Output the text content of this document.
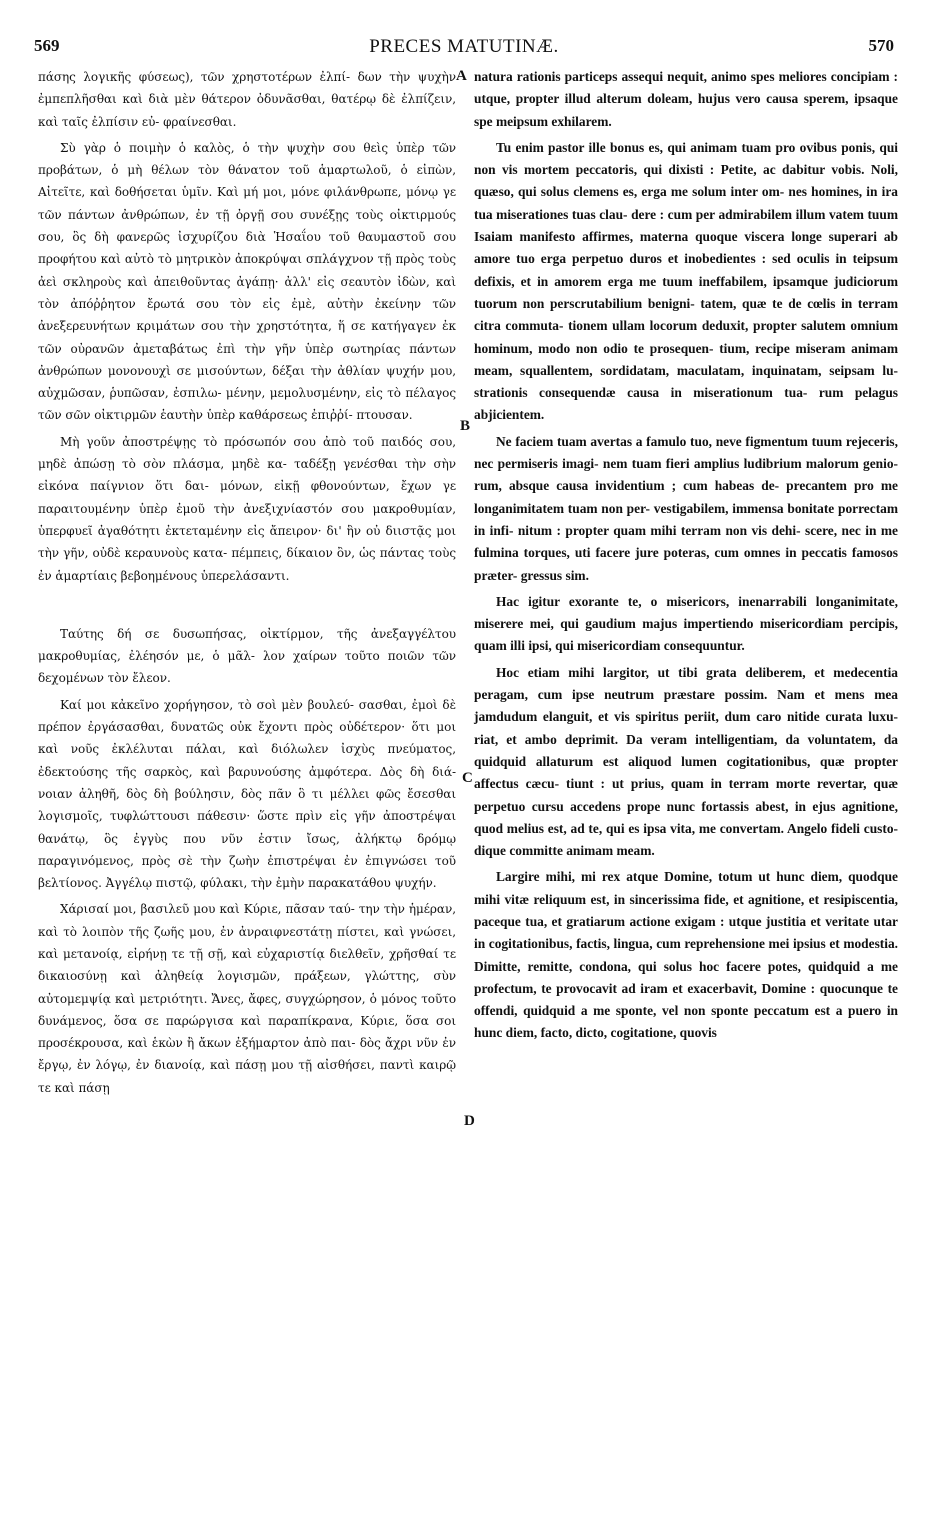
569	PRECES MATUTINÆ.	570

πάσης λογικῆς φύσεως), τῶν χρηστοτέρων ἐλπί- δων τὴν ψυχὴν ἐμπεπλῆσθαι καὶ διὰ μὲν θάτερον ὀδυνᾶσθαι, θατέρῳ δὲ ἐλπίζειν, καὶ ταῖς ἐλπίσιν εὐ- φραίνεσθαι.

Σὺ γὰρ ὁ ποιμὴν ὁ καλὸς, ὁ τὴν ψυχὴν σου θεὶς ὑπὲρ τῶν προβάτων, ὁ μὴ θέλων τὸν θάνατον τοῦ ἁμαρτωλοῦ, ὁ εἰπὼν, Αἰτεῖτε, καὶ δοθήσεται ὑμῖν. Καὶ μή μοι, μόνε φιλάνθρωπε, μόνῳ γε τῶν πάντων ἀνθρώπων, ἐν τῇ ὀργῇ σου συνέξῃς τοὺς οἰκτιρμούς σου, ὃς δὴ φανερῶς ἰσχυρίζου διὰ Ἡσαΐου τοῦ θαυμαστοῦ σου προφήτου καὶ αὐτὸ τὸ μητρικὸν ἀποκρύψαι σπλάγχνον τῇ πρὸς τοὺς ἀεὶ σκληροὺς καὶ ἀπειθοῦντας ἀγάπῃ· ἀλλ' εἰς σεαυτὸν ἰδὼν, καὶ τὸν ἀπόῤῥητον ἔρωτά σου τὸν εἰς ἐμὲ, αὐτὴν ἐκείνην τῶν ἀνεξερευνήτων κριμάτων σου τὴν χρηστότητα, ἥ σε κατήγαγεν ἐκ τῶν οὐρανῶν ἀμεταβάτως ἐπὶ τὴν γῆν ὑπὲρ σωτηρίας πάντων ἀνθρώπων μονονουχὶ σε μισούντων, δέξαι τὴν ἀθλίαν ψυχήν μου, αὐχμῶσαν, ῥυπῶσαν, ἐσπιλω- μένην, μεμολυσμένην, εἰς τὸ πέλαγος τῶν σῶν οἰκτιρμῶν ἑαυτὴν ὑπὲρ καθάρσεως ἐπιῤῥί- πτουσαν.

Μὴ γοῦν ἀποστρέψῃς τὸ πρόσωπόν σου ἀπὸ τοῦ παιδός σου, μηδὲ ἀπώσῃ τὸ σὸν πλάσμα, μηδὲ κα- ταδέξῃ γενέσθαι τὴν σὴν εἰκόνα παίγνιον ὅτι δαι- μόνων, εἰκῇ φθονούντων, ἔχων γε παραιτουμένην ὑπὲρ ἐμοῦ τὴν ἀνεξιχνίαστόν σου μακροθυμίαν, ὑπερφυεῖ ἀγαθότητι ἐκτεταμένην εἰς ἄπειρον· δι' ἣν οὐ διιστᾷς μοι τὴν γῆν, οὐδὲ κεραυνοὺς κατα- πέμπεις, δίκαιον ὂν, ὡς πάντας τοὺς ἐν ἁμαρτίαις βεβοημένους ὑπερελάσαντι.

Ταύτης δή σε δυσωπήσας, οἰκτίρμον, τῆς ἀνεξαγγέλτου μακροθυμίας, ἐλέησόν με, ὁ μᾶλ- λον χαίρων τοῦτο ποιῶν τῶν δεχομένων τὸν ἔλεον.

Καί μοι κἀκεῖνο χορήγησον, τὸ σοὶ μὲν βουλεύ- σασθαι, ἐμοὶ δὲ πρέπον ἐργάσασθαι, δυνατῶς οὐκ ἔχοντι πρὸς οὐδέτερον· ὅτι μοι καὶ νοῦς ἐκλέλυται πάλαι, καὶ διόλωλεν ἰσχὺς πνεύματος, ἐδεκτούσης τῆς σαρκὸς, καὶ βαρυνούσης ἀμφότερα. Δὸς δὴ διά- νοιαν ἀληθῆ, δὸς δὴ βούλησιν, δὸς πᾶν ὃ τι μέλλει φῶς ἔσεσθαι λογισμοῖς, τυφλώττουσι πάθεσιν· ὥστε πρὶν εἰς γῆν ἀποστρέψαι θανάτῳ, ὃς ἐγγὺς που νῦν ἐστιν ἴσως, ἀλήκτῳ δρόμῳ παραγινόμενος, πρὸς σὲ τὴν ζωὴν ἐπιστρέψαι ἐν ἐπιγνώσει τοῦ βελτίονος. Ἀγγέλῳ πιστῷ, φύλακι, τὴν ἐμὴν παρακατάθου ψυχήν.

Χάρισαί μοι, βασιλεῦ μου καὶ Κύριε, πᾶσαν ταύ- την τὴν ἡμέραν, καὶ τὸ λοιπὸν τῆς ζωῆς μου, ἐν ἀνραιφνεστάτῃ πίστει, καὶ γνώσει, καὶ μετανοίᾳ, εἰρήνῃ τε τῇ σῇ, καὶ εὐχαριστίᾳ διελθεῖν, χρῆσθαί τε δικαιοσύνῃ καὶ ἀληθείᾳ λογισμῶν, πράξεων, γλώττης, σὺν αὐτομεμψίᾳ καὶ μετριότητι. Ἄνες, ἄφες, συγχώρησον, ὁ μόνος τοῦτο δυνάμενος, ὅσα σε παρώργισα καὶ παραπίκρανα, Κύριε, ὅσα σοι προσέκρουσα, καὶ ἑκὼν ἢ ἄκων ἐξήμαρτον ἀπὸ παι- δὸς ἄχρι νῦν ἐν ἔργῳ, ἐν λόγῳ, ἐν διανοίᾳ, καὶ πάσῃ μου τῇ αἰσθήσει, παντὶ καιρῷ τε καὶ πάσῃ

A
B
C
D

natura rationis particeps assequi nequit, animo spes meliores concipiam : utque, propter illud alterum doleam, hujus vero causa sperem, ipsaque spe meipsum exhilarem.

Tu enim pastor ille bonus es, qui animam tuam pro ovibus ponis, qui non vis mortem peccatoris, qui dixisti : Petite, ac dabitur vobis. Noli, quæso, qui solus clemens es, erga me solum inter om- nes homines, in ira tua miserationes tuas clau- dere : cum per admirabilem illum vatem tuum Isaiam manifesto affirmes, materna quoque viscera longe superari ab amore tuo erga perpetuo duros et inobedientes : sed oculis in teipsum defixis, et in amorem erga me tuum ineffabilem, ipsamque judiciorum tuorum non perscrutabilium benigni- tatem, quæ te de cœlis in terram citra commuta- tionem ullam locorum deduxit, propter salutem omnium hominum, modo non odio te prosequen- tium, recipe miseram animam meam, squallentem, sordidatam, maculatam, inquinatam, seipsam lu- strationis consequendæ causa in miserationum tua- rum pelagus abjicientem.

Ne faciem tuam avertas a famulo tuo, neve figmentum tuum rejeceris, nec permiseris imagi- nem tuam fieri amplius ludibrium malorum genio- rum, absque causa invidentium ; cum habeas de- precantem pro me longanimitatem tuam non per- vestigabilem, immensa bonitate porrectam in infi- nitum : propter quam mihi terram non vis dehi- scere, nec in me fulmina torques, uti facere jure poteras, cum omnes in peccatis famosos præter- gressus sim.

Hac igitur exorante te, o misericors, inenarrabili longanimitate, miserere mei, qui gaudium majus impertiendo misericordiam percipis, quam illi ipsi, qui misericordiam consequuntur.

Hoc etiam mihi largitor, ut tibi grata deliberem, et medecentia peragam, cum ipse neutrum præstare possim. Nam et mens mea jamdudum elanguit, et vis spiritus periit, dum caro nitide curata luxu- riat, et ambo deprimit. Da veram intelligentiam, da voluntatem, da quidquid allaturum est aliquod lumen cogitationibus, quæ propter affectus cæcu- tiunt : ut prius, quam in terram morte revertar, quæ perpetuo cursu accedens prope nunc fortassis abest, in ejus agnitione, quod melius est, ad te, qui es ipsa vita, me convertam. Angelo fideli custo- dique committe animam meam.

Largire mihi, mi rex atque Domine, totum ut hunc diem, quodque mihi vitæ reliquum est, in sincerissima fide, et agnitione, et resipiscentia, paceque tua, et gratiarum actione exigam : utque justitia et veritate utar in cogitationibus, factis, lingua, cum reprehensione mei ipsius et modestia. Dimitte, remitte, condona, qui solus hoc facere potes, quidquid a me profectum, te provocavit ad iram et exacerbavit, Domine : quocunque te offendi, quidquid a me sponte, vel non sponte peccatum est a puero in hunc diem, facto, dicto, cogitatione, quovis
